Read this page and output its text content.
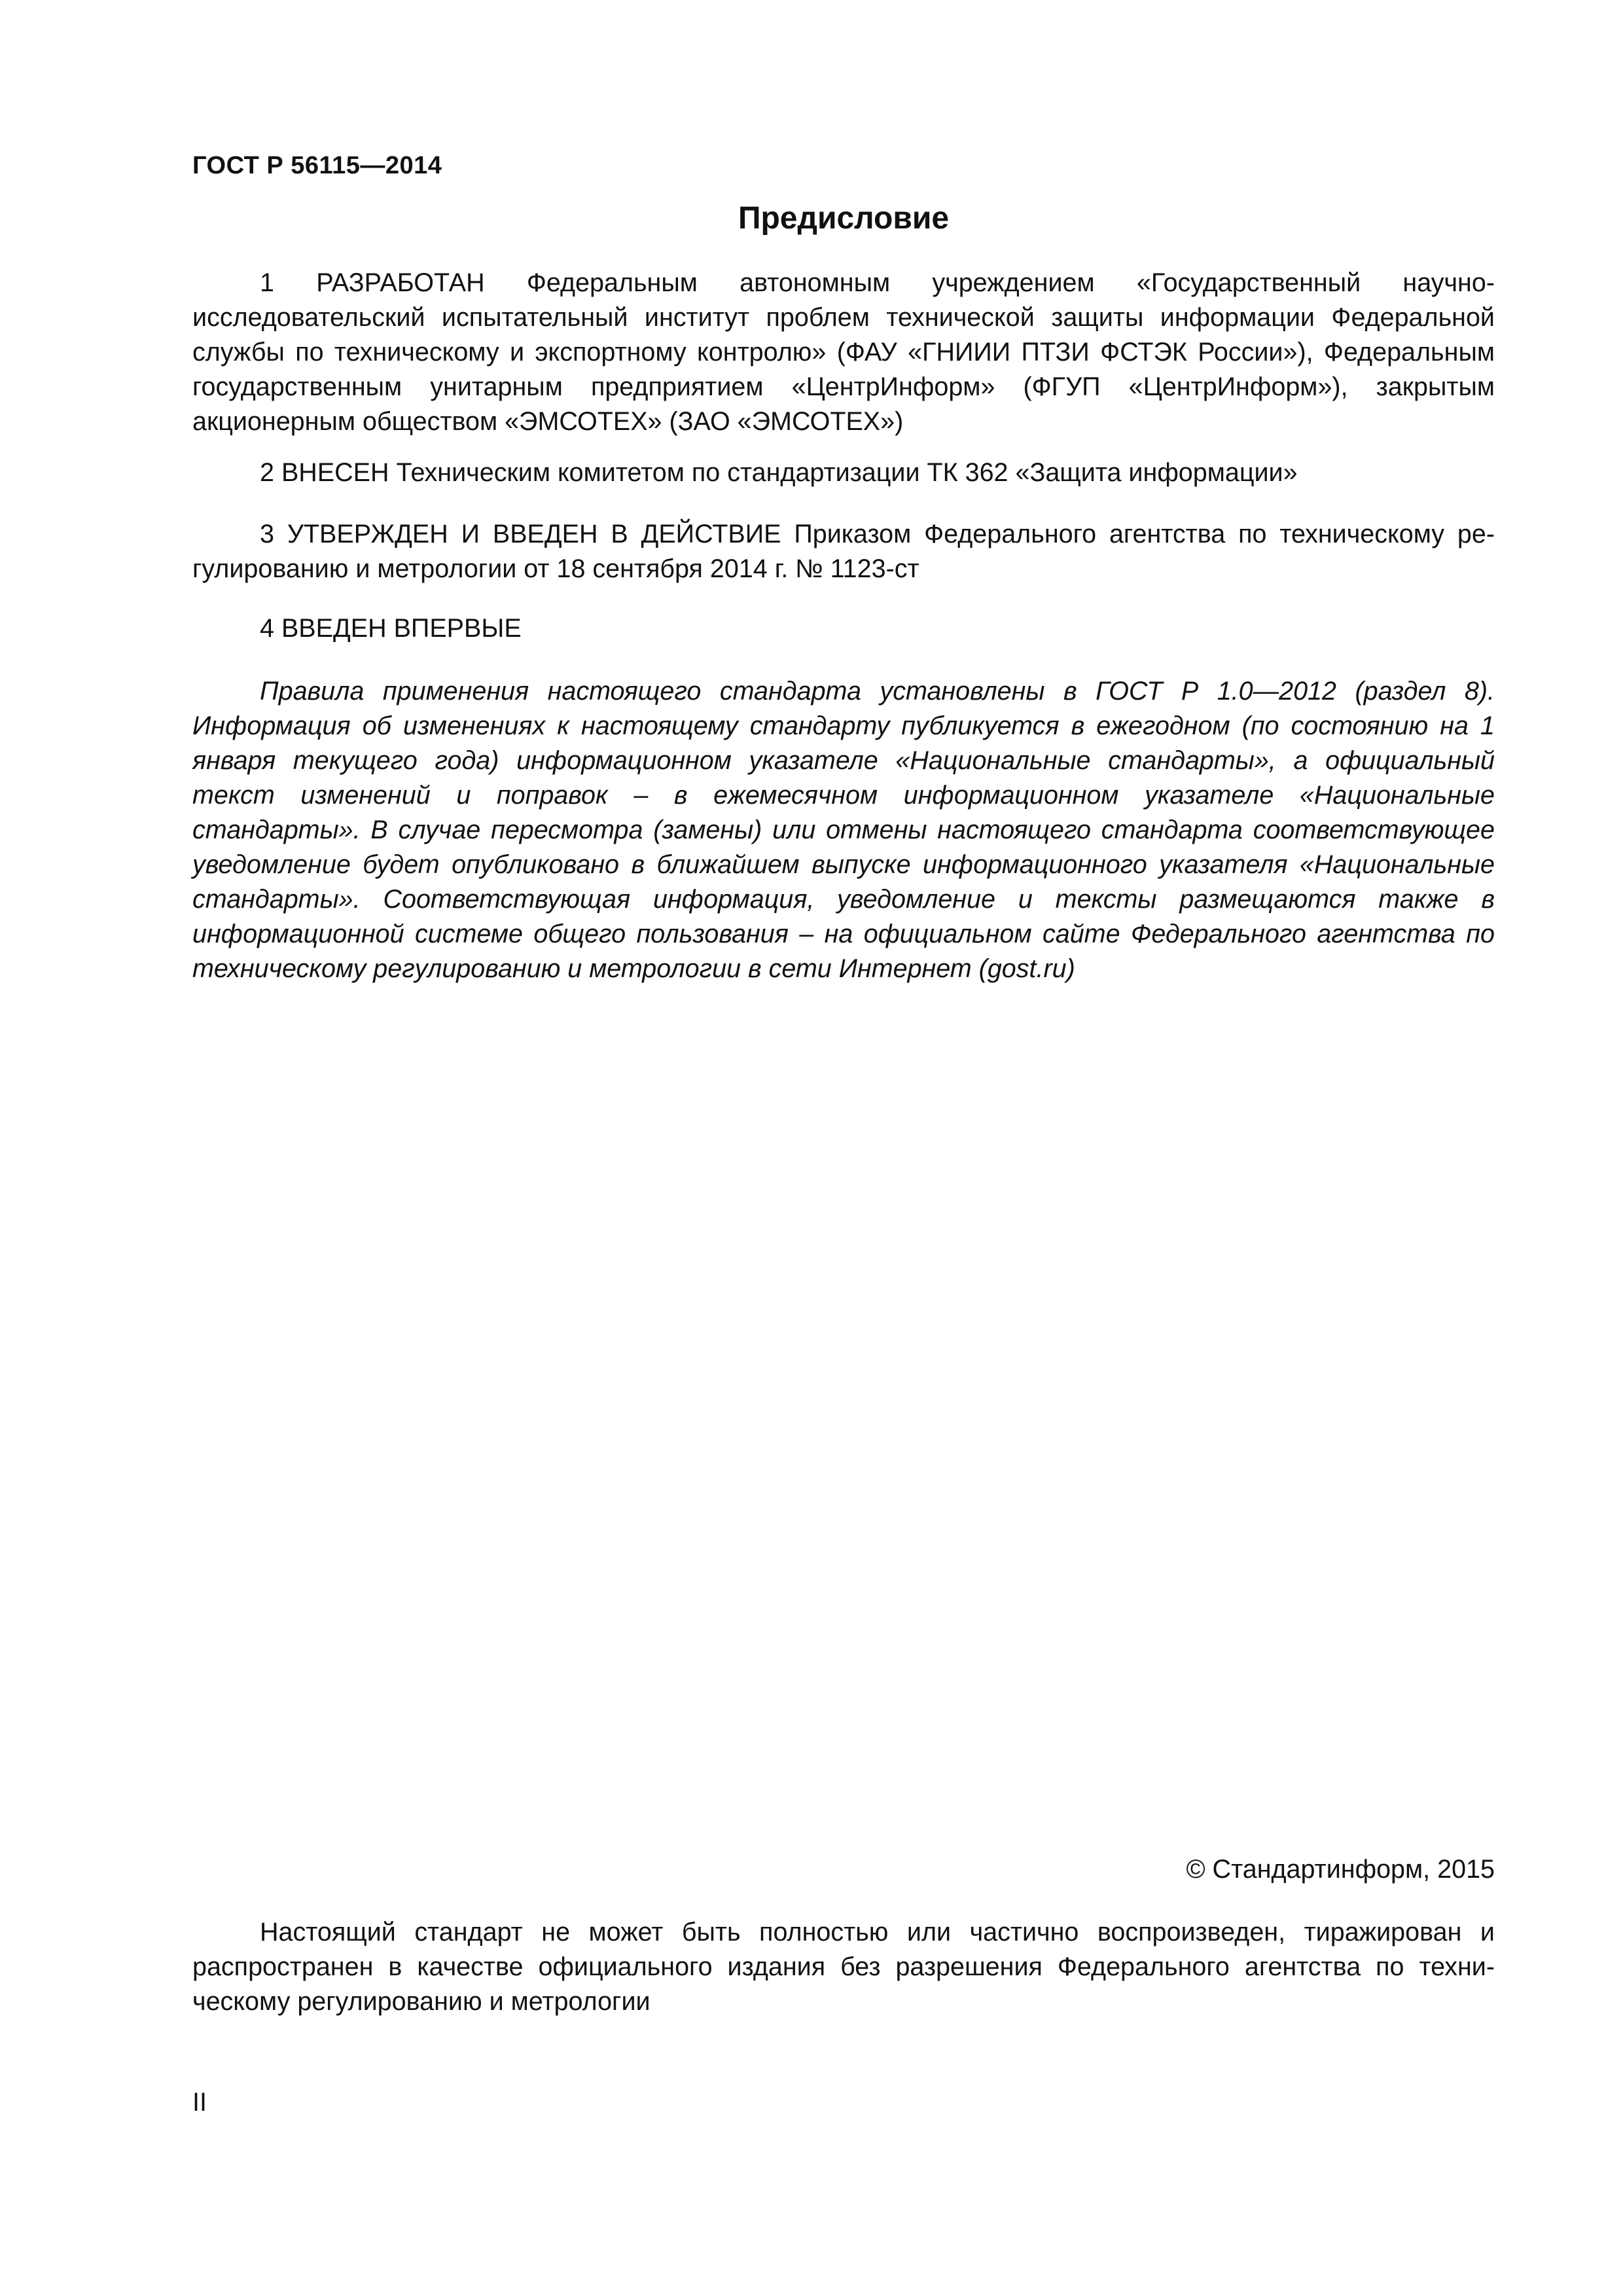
ГОСТ Р 56115—2014
Предисловие

1 РАЗРАБОТАН Федеральным автономным учреждением «Государственный научно-исследовательский испытательный институт проблем технической защиты информации Федеральной службы по техническому и экспортному контролю» (ФАУ «ГНИИИ ПТЗИ ФСТЭК России»), Федеральным государственным унитарным предприятием «ЦентрИнформ» (ФГУП «ЦентрИнформ»), закрытым акционерным обществом «ЭМСОТЕХ» (ЗАО «ЭМСОТЕХ»)

2 ВНЕСЕН Техническим комитетом по стандартизации ТК 362 «Защита информации»

3 УТВЕРЖДЕН И ВВЕДЕН В ДЕЙСТВИЕ Приказом Федерального агентства по техническому регулированию и метрологии от 18 сентября 2014 г. № 1123-ст

4 ВВЕДЕН ВПЕРВЫЕ

Правила применения настоящего стандарта установлены в ГОСТ Р 1.0—2012 (раздел 8). Информация об изменениях к настоящему стандарту публикуется в ежегодном (по состоянию на 1 января текущего года) информационном указателе «Национальные стандарты», а официальный текст изменений и поправок – в ежемесячном информационном указателе «Национальные стандарты». В случае пересмотра (замены) или отмены настоящего стандарта соответствующее уведомление будет опубликовано в ближайшем выпуске информационного указателя «Национальные стандарты». Соответствующая информация, уведомление и тексты размещаются также в информационной системе общего пользования – на официальном сайте Федерального агентства по техническому регулированию и метрологии в сети Интернет (gost.ru)

© Стандартинформ, 2015

Настоящий стандарт не может быть полностью или частично воспроизведен, тиражирован и распространен в качестве официального издания без разрешения Федерального агентства по техническому регулированию и метрологии

II
